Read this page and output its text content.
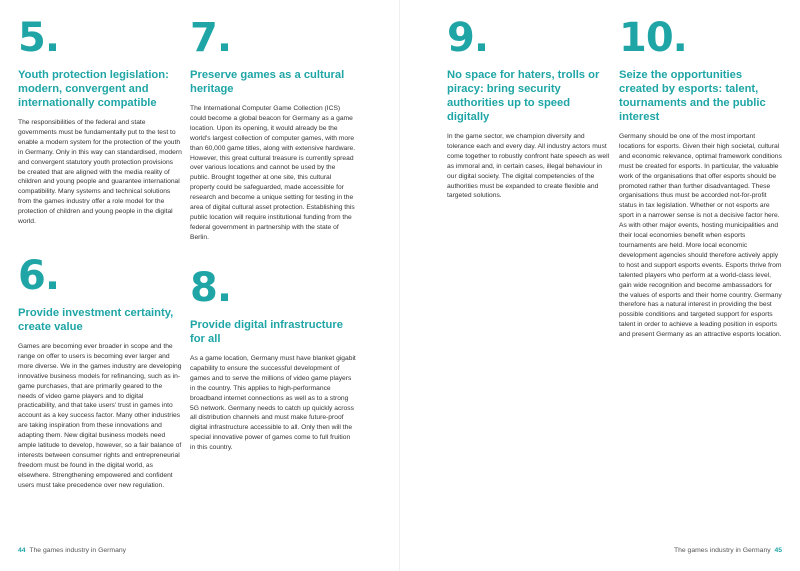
5.
Youth protection legislation: modern, convergent and internationally compatible
The responsibilities of the federal and state governments must be fundamentally put to the test to enable a modern system for the protection of the youth in Germany. Only in this way can standardised, modern and convergent statutory youth protection provisions be created that are aligned with the media reality of children and young people and guarantee international compatibility. Many systems and technical solutions from the games industry offer a role model for the protection of children and young people in the digital world.
6.
Provide investment certainty, create value
Games are becoming ever broader in scope and the range on offer to users is becoming ever larger and more diverse. We in the games industry are developing innovative business models for refinancing, such as in-game purchases, that are primarily geared to the needs of video game players and to digital practicability, and that take users' trust in games into account as a key success factor. Many other industries are taking inspiration from these innovations and adapting them. New digital business models need ample latitude to develop, however, so a fair balance of interests between consumer rights and entrepreneurial freedom must be found in the digital world, as elsewhere. Strengthening empowered and confident users must take precedence over new regulation.
7.
Preserve games as a cultural heritage
The International Computer Game Collection (ICS) could become a global beacon for Germany as a game location. Upon its opening, it would already be the world's largest collection of computer games, with more than 60,000 game titles, along with extensive hardware. However, this great cultural treasure is currently spread over various locations and cannot be used by the public. Brought together at one site, this cultural property could be safeguarded, made accessible for research and become a unique setting for testing in the area of digital cultural asset protection. Establishing this public location will require institutional funding from the federal government in partnership with the state of Berlin.
8.
Provide digital infrastructure for all
As a game location, Germany must have blanket gigabit capability to ensure the successful development of games and to serve the millions of video game players in the country. This applies to high-performance broadband internet connections as well as to a strong 5G network. Germany needs to catch up quickly across all distribution channels and must make future-proof digital infrastructure accessible to all. Only then will the special innovative power of games come to full fruition in this country.
9.
No space for haters, trolls or piracy: bring security authorities up to speed digitally
In the game sector, we champion diversity and tolerance each and every day. All industry actors must come together to robustly confront hate speech as well as immoral and, in certain cases, illegal behaviour in our digital society. The digital competencies of the authorities must be expanded to create flexible and targeted solutions.
10.
Seize the opportunities created by esports: talent, tournaments and the public interest
Germany should be one of the most important locations for esports. Given their high societal, cultural and economic relevance, optimal framework conditions must be created for esports. In particular, the valuable work of the organisations that offer esports should be promoted rather than further disadvantaged. These organisations thus must be accorded not-for-profit status in tax legislation. Whether or not esports are sport in a narrower sense is not a decisive factor here. As with other major events, hosting municipalities and their local economies benefit when esports tournaments are held. More local economic development agencies should therefore actively apply to host and support esports events. Esports thrive from talented players who perform at a world-class level, gain wide recognition and become ambassadors for the values of esports and their home country. Germany therefore has a natural interest in providing the best possible conditions and targeted support for esports talent in order to achieve a leading position in esports and present Germany as an attractive esports location.
44 The games industry in Germany	The games industry in Germany 45
